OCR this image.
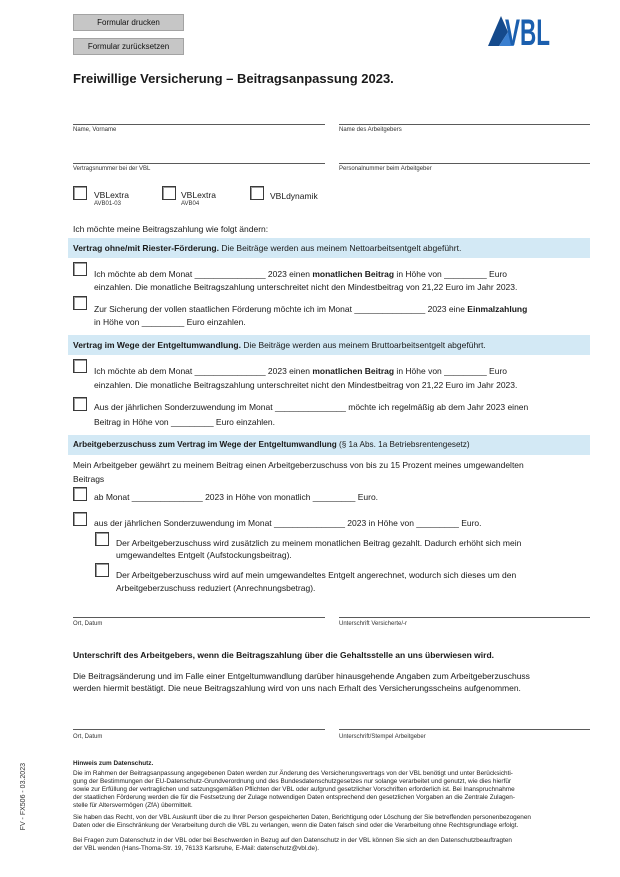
Formular drucken
Formular zurücksetzen	VBL
Freiwillige Versicherung – Beitragsanpassung 2023.
Name, Vorname	Name des Arbeitgebers
Vertragsnummer bei der VBL	Personalnummer beim Arbeitgeber
VBLextra
AVB01-03
VBLextra
AVB04
VBLdynamik
Ich möchte meine Beitragszahlung wie folgt ändern:
Vertrag ohne/mit Riester-Förderung. Die Beiträge werden aus meinem Nettoarbeitsentgelt abgeführt.
Ich möchte ab dem Monat _______________ 2023 einen monatlichen Beitrag in Höhe von _________ Euro
einzahlen. Die monatliche Beitragszahlung unterschreitet nicht den Mindestbeitrag von 21,22 Euro im Jahr 2023.
Zur Sicherung der vollen staatlichen Förderung möchte ich im Monat _______________ 2023 eine Einmalzahlung
in Höhe von _________ Euro einzahlen.
Vertrag im Wege der Entgeltumwandlung. Die Beiträge werden aus meinem Bruttoarbeitsentgelt abgeführt.
Ich möchte ab dem Monat _______________ 2023 einen monatlichen Beitrag in Höhe von _________ Euro
einzahlen. Die monatliche Beitragszahlung unterschreitet nicht den Mindestbeitrag von 21,22 Euro im Jahr 2023.
Aus der jährlichen Sonderzuwendung im Monat _______________ möchte ich regelmäßig ab dem Jahr 2023 einen
Beitrag in Höhe von _________ Euro einzahlen.
Arbeitgeberzuschuss zum Vertrag im Wege der Entgeltumwandlung (§ 1a Abs. 1a Betriebsrentengesetz)
Mein Arbeitgeber gewährt zu meinem Beitrag einen Arbeitgeberzuschuss von bis zu 15 Prozent meines umgewandelten
Beitrags
ab Monat _______________ 2023 in Höhe von monatlich _________ Euro.
aus der jährlichen Sonderzuwendung im Monat _______________ 2023 in Höhe von _________ Euro.
Der Arbeitgeberzuschuss wird zusätzlich zu meinem monatlichen Beitrag gezahlt. Dadurch erhöht sich mein
umgewandeltes Entgelt (Aufstockungsbeitrag).
Der Arbeitgeberzuschuss wird auf mein umgewandeltes Entgelt angerechnet, wodurch sich dieses um den
Arbeitgeberzuschuss reduziert (Anrechnungsbetrag).
Ort, Datum	Unterschrift Versicherte/-r
Unterschrift des Arbeitgebers, wenn die Beitragszahlung über die Gehaltsstelle an uns überwiesen wird.
Die Beitragsänderung und im Falle einer Entgeltumwandlung darüber hinausgehende Angaben zum Arbeitgeberzuschuss
werden hiermit bestätigt. Die neue Beitragszahlung wird von uns nach Erhalt des Versicherungsscheins aufgenommen.
Ort, Datum	Unterschrift/Stempel Arbeitgeber
Hinweis zum Datenschutz.
Die im Rahmen der Beitragsanpassung angegebenen Daten werden zur Änderung des Versicherungsvertrags von der VBL benötigt und unter Berücksichti-
gung der Bestimmungen der EU-Datenschutz-Grundverordnung und des Bundesdatenschutzgesetzes nur solange verarbeitet und genutzt, wie dies hierfür
sowie zur Erfüllung der vertraglichen und satzungsgemäßen Pflichten der VBL oder aufgrund gesetzlicher Vorschriften erforderlich ist. Bei Inanspruchnahme
der staatlichen Förderung werden die für die Festsetzung der Zulage notwendigen Daten entsprechend den gesetzlichen Vorgaben an die Zentrale Zulagen-
stelle für Altersvermögen (ZfA) übermittelt.
Sie haben das Recht, von der VBL Auskunft über die zu Ihrer Person gespeicherten Daten, Berichtigung oder Löschung der Sie betreffenden personenbezogenen
Daten oder die Einschränkung der Verarbeitung durch die VBL zu verlangen, wenn die Daten falsch sind oder die Verarbeitung ohne Rechtsgrundlage erfolgt.
Bei Fragen zum Datenschutz in der VBL oder bei Beschwerden in Bezug auf den Datenschutz in der VBL können Sie sich an den Datenschutzbeauftragten
der VBL wenden (Hans-Thoma-Str. 19, 76133 Karlsruhe, E-Mail: datenschutz@vbl.de).
FV - FX506 - 03.2023
